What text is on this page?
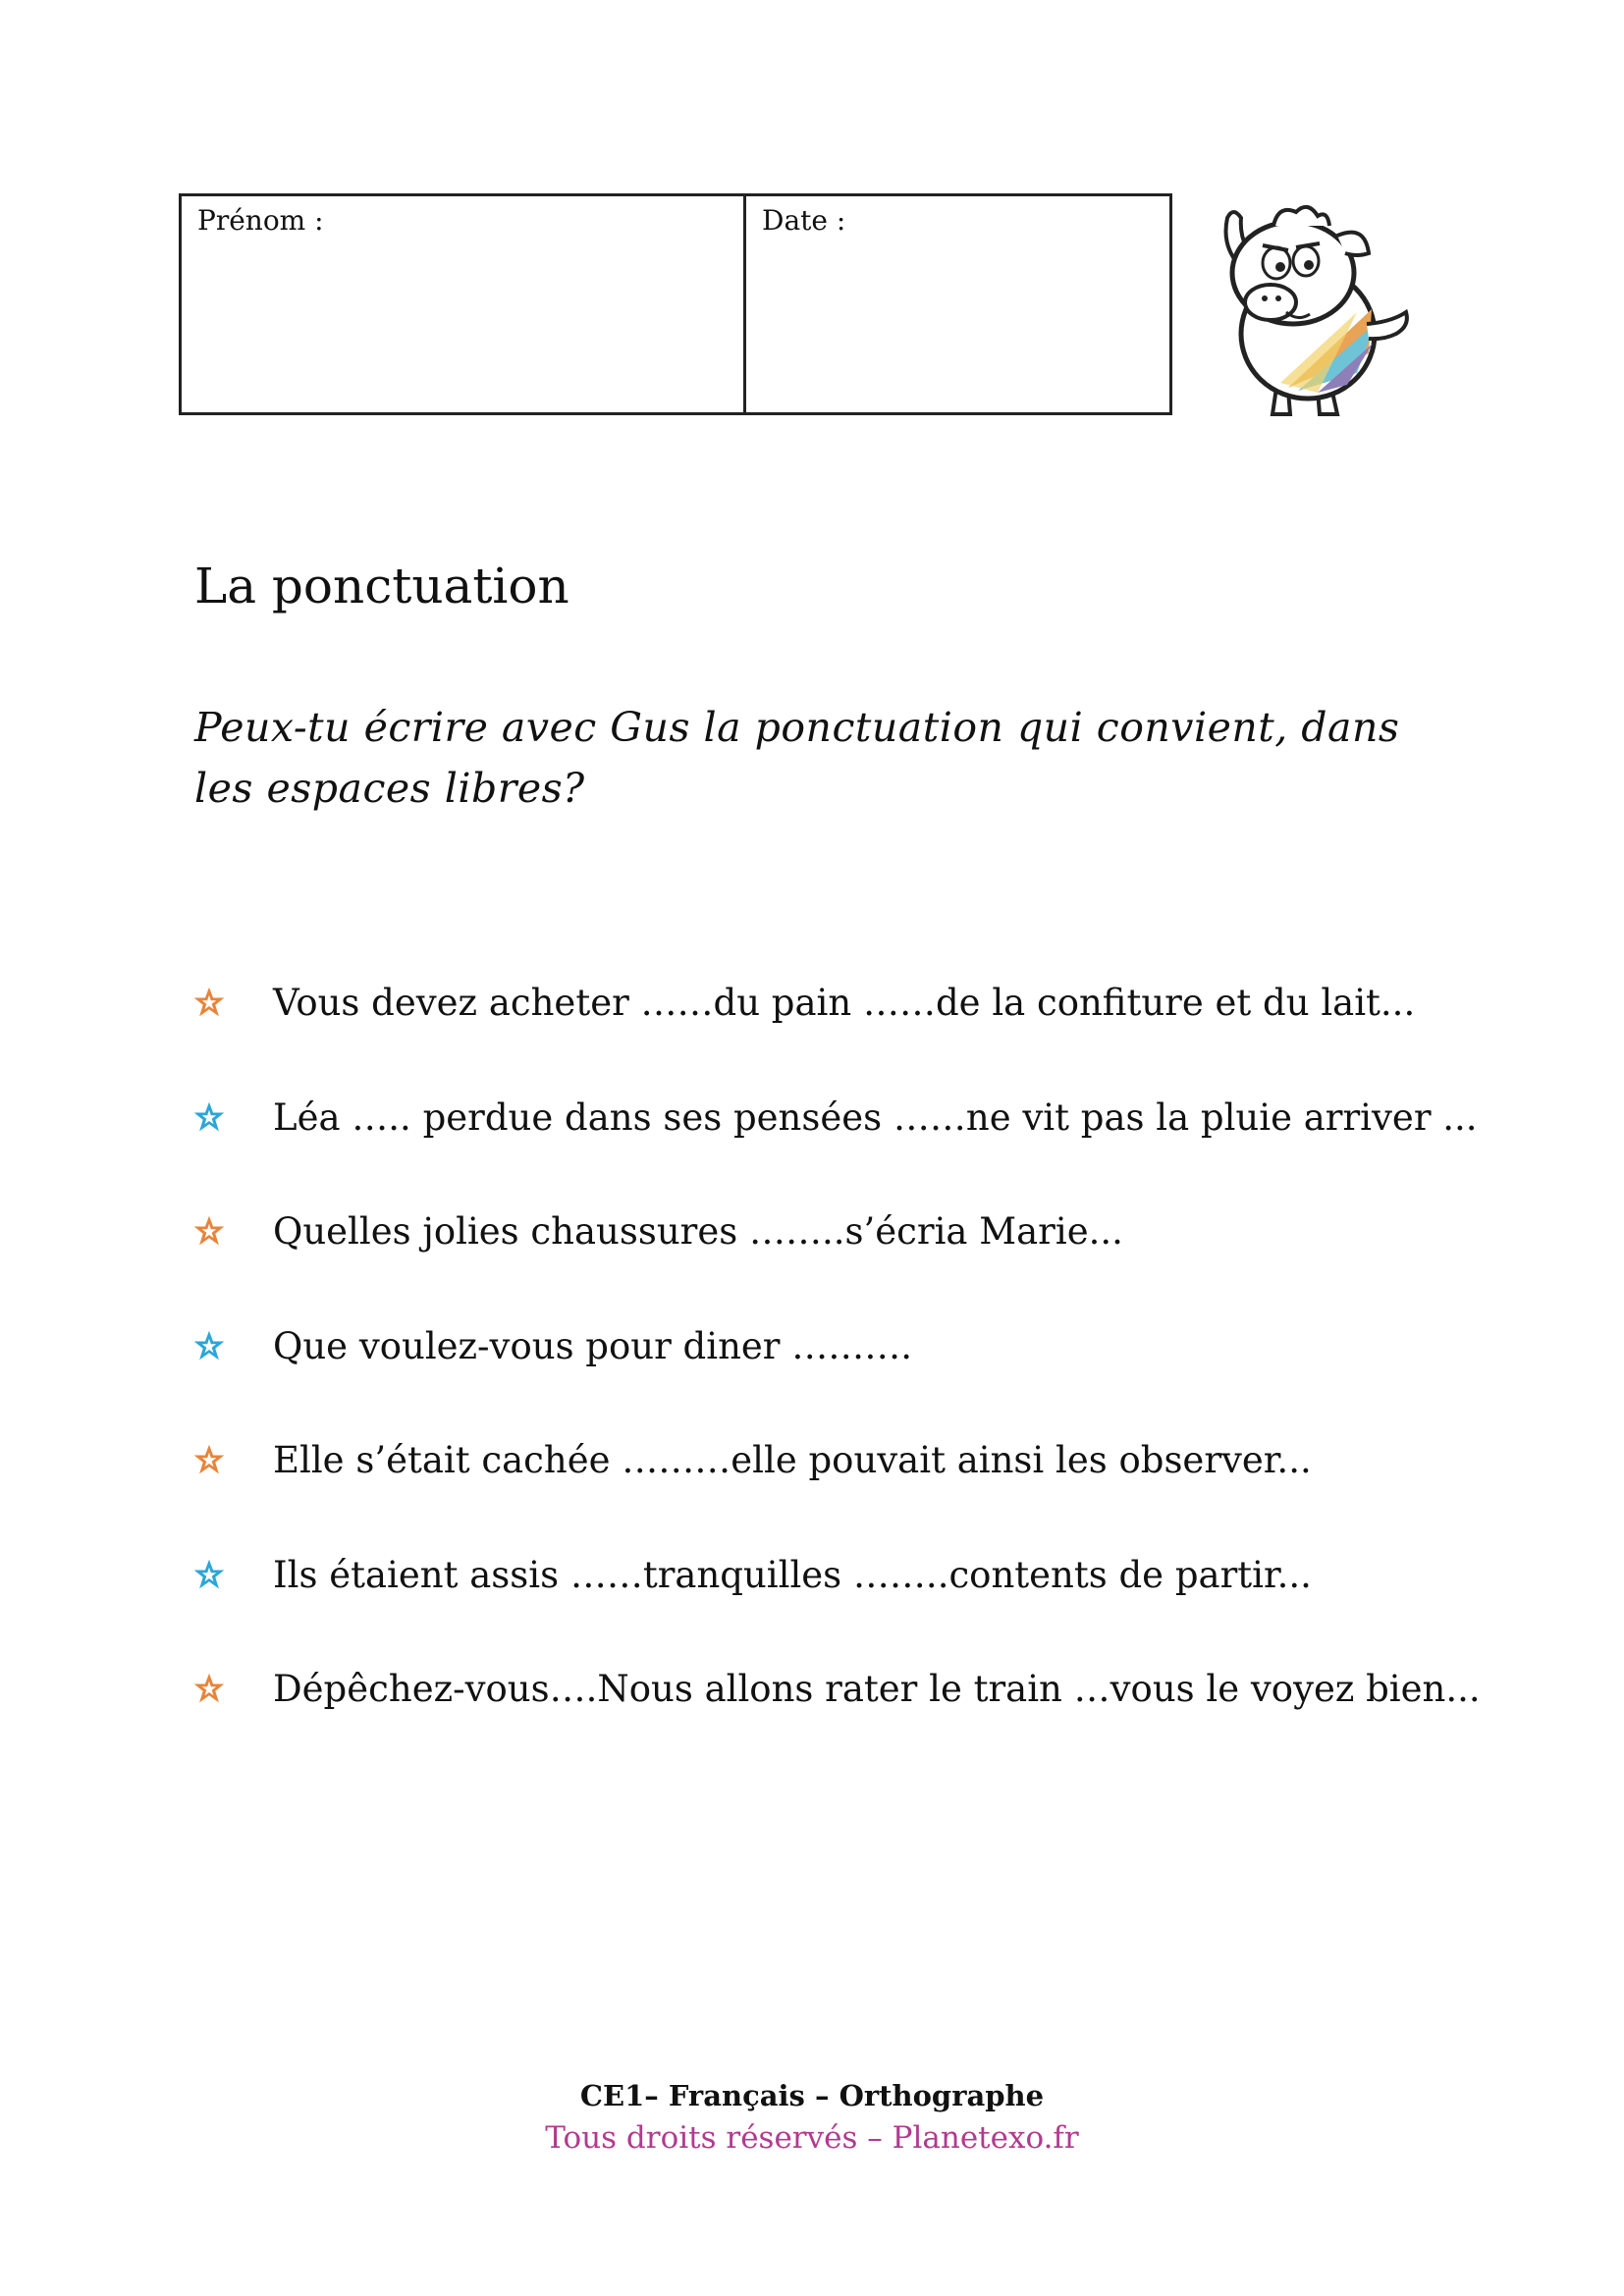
Prénom :	Date :
La ponctuation
Peux-tu écrire avec Gus la ponctuation qui convient, dans
les espaces libres?
Vous devez acheter ……du pain ……de la confiture et du lait...
Léa ….. perdue dans ses pensées ……ne vit pas la pluie arriver ...
Quelles jolies chaussures ……..s’écria Marie...
Que voulez-vous pour diner ……….
Elle s’était cachée ………elle pouvait ainsi les observer...
Ils étaient assis ……tranquilles ……..contents de partir...
Dépêchez-vous….Nous allons rater le train …vous le voyez bien...
CE1– Français – Orthographe
Tous droits réservés – Planetexo.fr
